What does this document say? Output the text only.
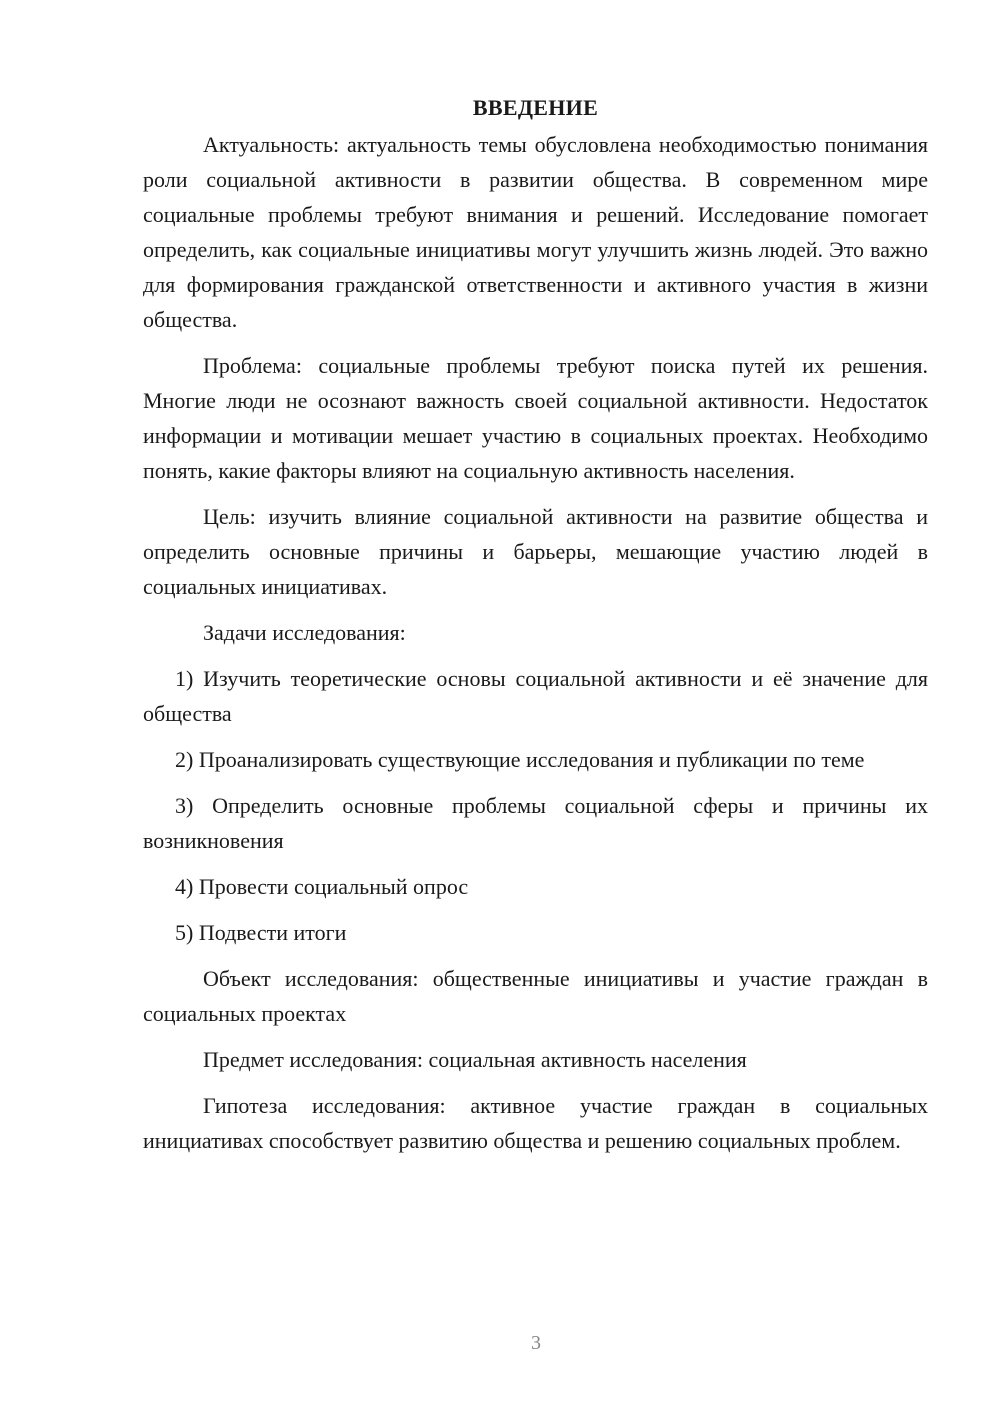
ВВЕДЕНИЕ

Актуальность: актуальность темы обусловлена необходимостью понимания роли социальной активности в развитии общества. В современном мире социальные проблемы требуют внимания и решений. Исследование помогает определить, как социальные инициативы могут улучшить жизнь людей. Это важно для формирования гражданской ответственности и активного участия в жизни общества.

Проблема: социальные проблемы требуют поиска путей их решения. Многие люди не осознают важность своей социальной активности. Недостаток информации и мотивации мешает участию в социальных проектах. Необходимо понять, какие факторы влияют на социальную активность населения.

Цель: изучить влияние социальной активности на развитие общества и определить основные причины и барьеры, мешающие участию людей в социальных инициативах.

Задачи исследования:

1) Изучить теоретические основы социальной активности и её значение для общества

2) Проанализировать существующие исследования и публикации по теме

3) Определить основные проблемы социальной сферы и причины их возникновения

4) Провести социальный опрос

5) Подвести итоги

Объект исследования: общественные инициативы и участие граждан в социальных проектах

Предмет исследования: социальная активность населения

Гипотеза исследования: активное участие граждан в социальных инициативах способствует развитию общества и решению социальных проблем.

3
